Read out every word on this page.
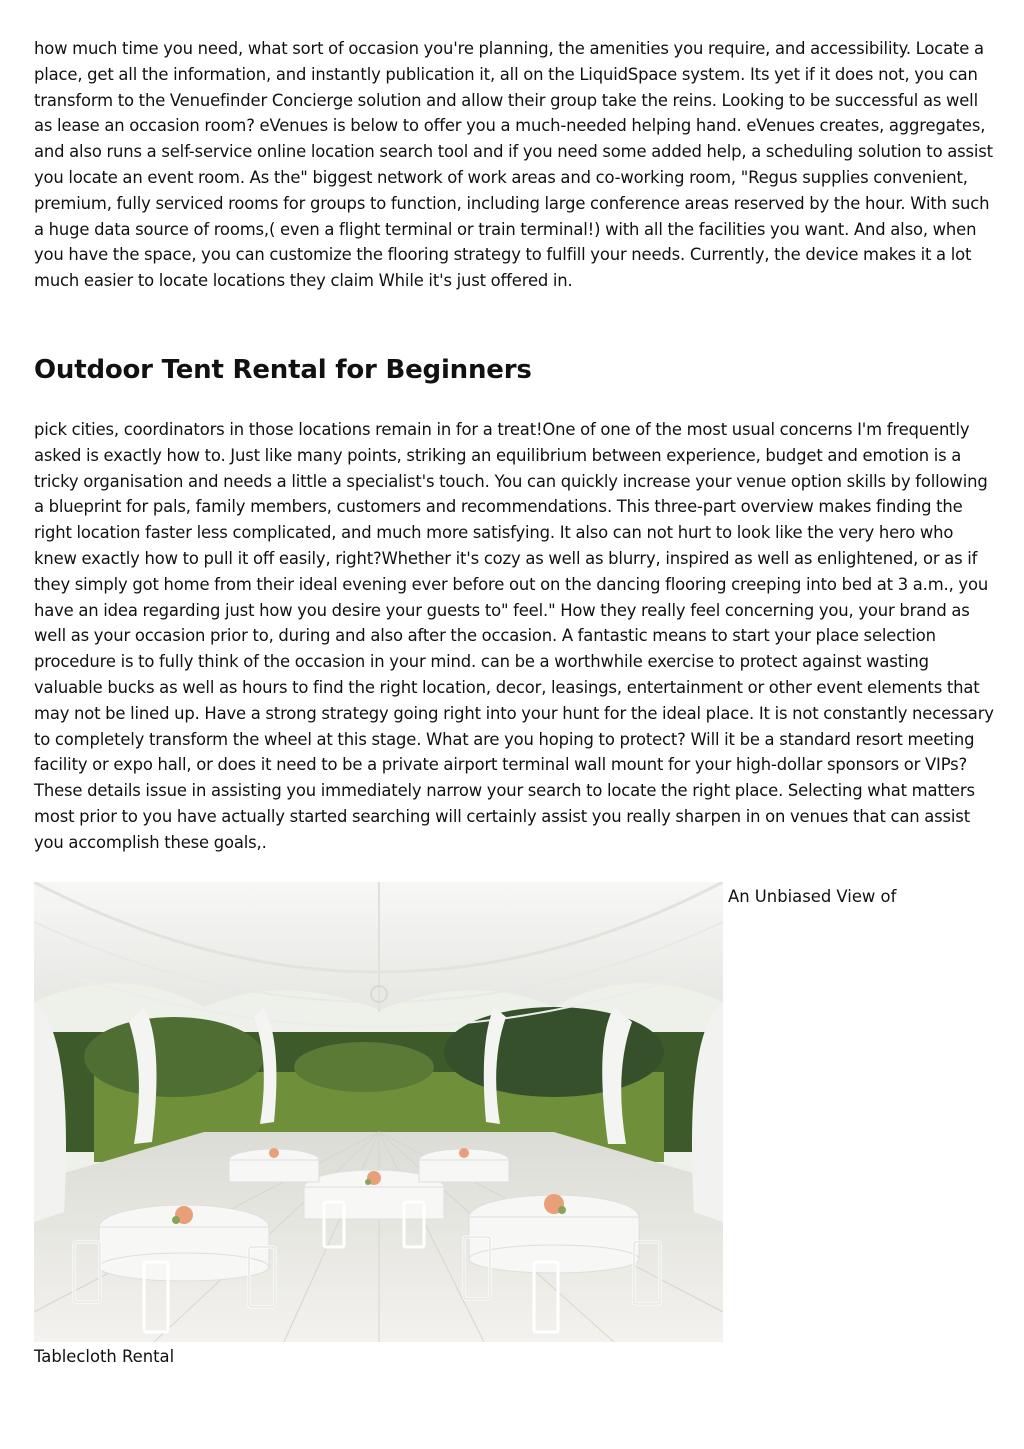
how much time you need, what sort of occasion you're planning, the amenities you require, and accessibility. Locate a place, get all the information, and instantly publication it, all on the LiquidSpace system. Its yet if it does not, you can transform to the Venuefinder Concierge solution and allow their group take the reins. Looking to be successful as well as lease an occasion room? eVenues is below to offer you a much-needed helping hand. eVenues creates, aggregates, and also runs a self-service online location search tool and if you need some added help, a scheduling solution to assist you locate an event room. As the" biggest network of work areas and co-working room, "Regus supplies convenient, premium, fully serviced rooms for groups to function, including large conference areas reserved by the hour. With such a huge data source of rooms,( even a flight terminal or train terminal!) with all the facilities you want. And also, when you have the space, you can customize the flooring strategy to fulfill your needs. Currently, the device makes it a lot much easier to locate locations they claim While it's just offered in.

Outdoor Tent Rental for Beginners

pick cities, coordinators in those locations remain in for a treat!One of one of the most usual concerns I'm frequently asked is exactly how to. Just like many points, striking an equilibrium between experience, budget and emotion is a tricky organisation and needs a little a specialist's touch. You can quickly increase your venue option skills by following a blueprint for pals, family members, customers and recommendations. This three-part overview makes finding the right location faster less complicated, and much more satisfying. It also can not hurt to look like the very hero who knew exactly how to pull it off easily, right?Whether it's cozy as well as blurry, inspired as well as enlightened, or as if they simply got home from their ideal evening ever before out on the dancing flooring creeping into bed at 3 a.m., you have an idea regarding just how you desire your guests to" feel." How they really feel concerning you, your brand as well as your occasion prior to, during and also after the occasion. A fantastic means to start your place selection procedure is to fully think of the occasion in your mind. can be a worthwhile exercise to protect against wasting valuable bucks as well as hours to find the right location, decor, leasings, entertainment or other event elements that may not be lined up. Have a strong strategy going right into your hunt for the ideal place. It is not constantly necessary to completely transform the wheel at this stage. What are you hoping to protect? Will it be a standard resort meeting facility or expo hall, or does it need to be a private airport terminal wall mount for your high-dollar sponsors or VIPs? These details issue in assisting you immediately narrow your search to locate the right place. Selecting what matters most prior to you have actually started searching will certainly assist you really sharpen in on venues that can assist you accomplish these goals,.

An Unbiased View of

Tablecloth Rental
